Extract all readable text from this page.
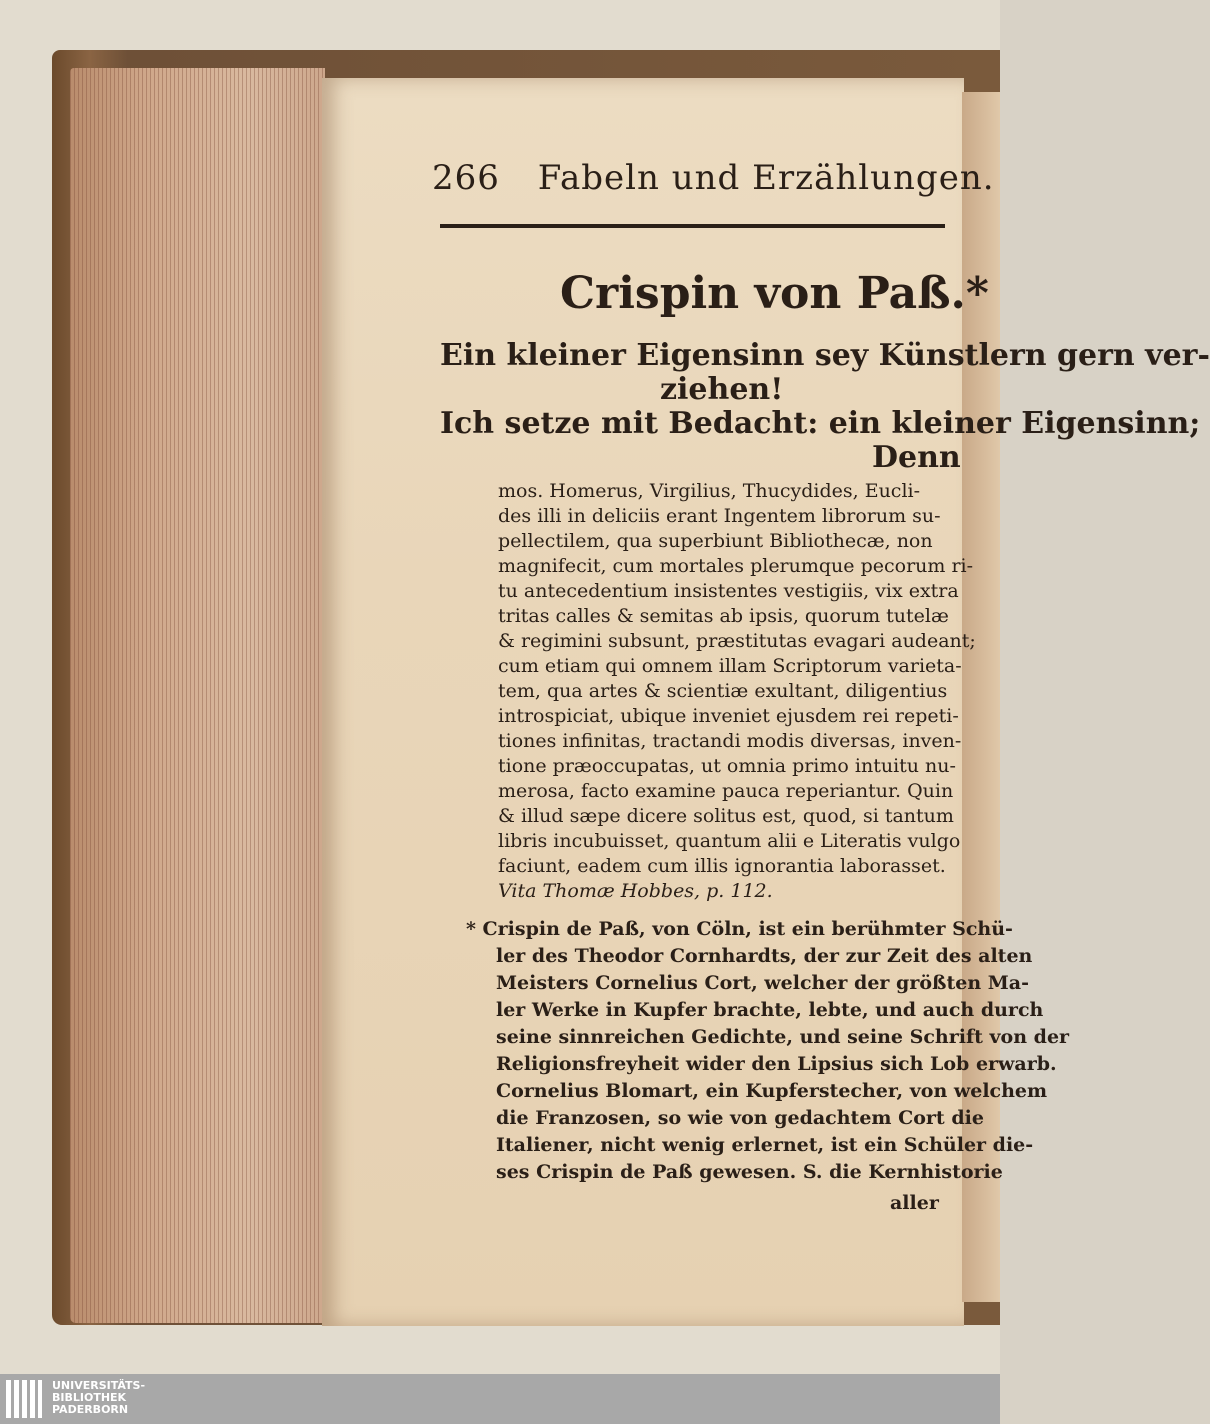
266 Fabeln und Erzählungen.
Crispin von Paß.*
Ein kleiner Eigensinn sey Künstlern gern ver-
ziehen!
Ich setze mit Bedacht: ein kleiner Eigensinn;
Denn
mos. Homerus, Virgilius, Thucydides, Eucli-
des illi in deliciis erant Ingentem librorum su-
pellectilem, qua superbiunt Bibliothecæ, non
magnifecit, cum mortales plerumque pecorum ri-
tu antecedentium insistentes vestigiis, vix extra
tritas calles & semitas ab ipsis, quorum tutelæ
& regimini subsunt, præstitutas evagari audeant;
cum etiam qui omnem illam Scriptorum varieta-
tem, qua artes & scientiæ exultant, diligentius
introspiciat, ubique inveniet ejusdem rei repeti-
tiones infinitas, tractandi modis diversas, inven-
tione præoccupatas, ut omnia primo intuitu nu-
merosa, facto examine pauca reperiantur. Quin
& illud sæpe dicere solitus est, quod, si tantum
libris incubuisset, quantum alii e Literatis vulgo
faciunt, eadem cum illis ignorantia laborasset.
Vita Thomæ Hobbes, p. 112.
* Crispin de Paß, von Cöln, ist ein berühmter Schü-
ler des Theodor Cornhardts, der zur Zeit des alten
Meisters Cornelius Cort, welcher der größten Ma-
ler Werke in Kupfer brachte, lebte, und auch durch
seine sinnreichen Gedichte, und seine Schrift von der
Religionsfreyheit wider den Lipsius sich Lob erwarb.
Cornelius Blomart, ein Kupferstecher, von welchem
die Franzosen, so wie von gedachtem Cort die
Italiener, nicht wenig erlernet, ist ein Schüler die-
ses Crispin de Paß gewesen. S. die Kernhistorie
aller
UNIVERSITÄTS-
BIBLIOTHEK
PADERBORN
